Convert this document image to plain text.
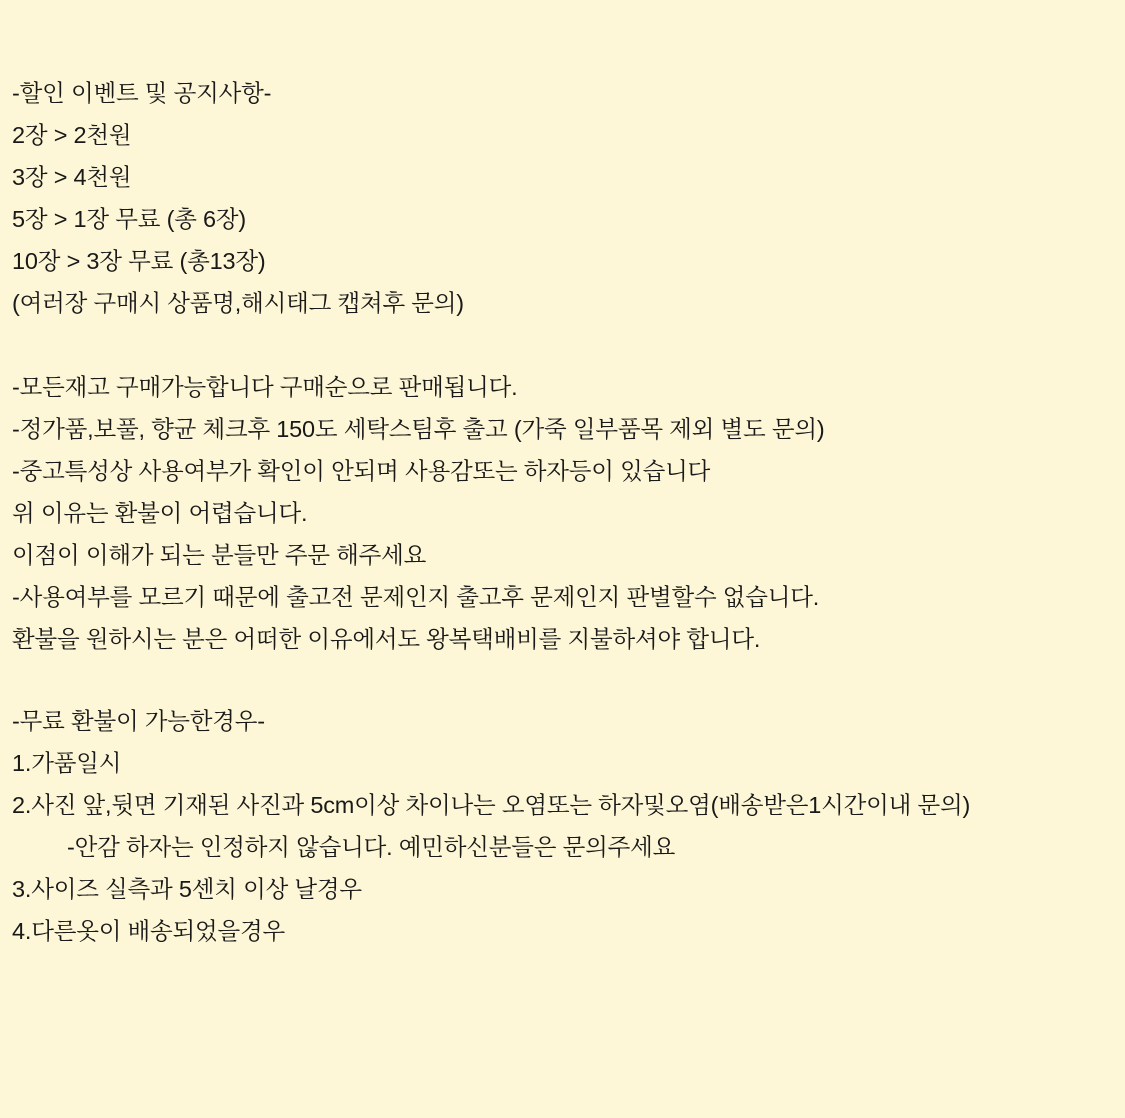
-할인 이벤트 및 공지사항-
2장 > 2천원
3장 > 4천원
5장 > 1장 무료 (총 6장)
10장 > 3장 무료 (총13장)
(여러장 구매시 상품명,해시태그 캡쳐후 문의)
-모든재고 구매가능합니다 구매순으로 판매됩니다.
-정가품,보풀, 향균 체크후 150도 세탁스팀후 출고 (가죽 일부품목 제외 별도 문의)
-중고특성상 사용여부가 확인이 안되며 사용감또는 하자등이 있습니다
위 이유는 환불이 어렵습니다.
이점이 이해가 되는 분들만 주문 해주세요
-사용여부를 모르기 때문에 출고전 문제인지 출고후 문제인지 판별할수 없습니다.
환불을 원하시는 분은 어떠한 이유에서도 왕복택배비를 지불하셔야 합니다.
-무료 환불이 가능한경우-
1.가품일시
2.사진 앞,뒷면 기재된 사진과 5cm이상 차이나는 오염또는 하자및오염(배송받은1시간이내 문의)
-안감 하자는 인정하지 않습니다. 예민하신분들은 문의주세요
3.사이즈 실측과 5센치 이상 날경우
4.다른옷이 배송되었을경우
